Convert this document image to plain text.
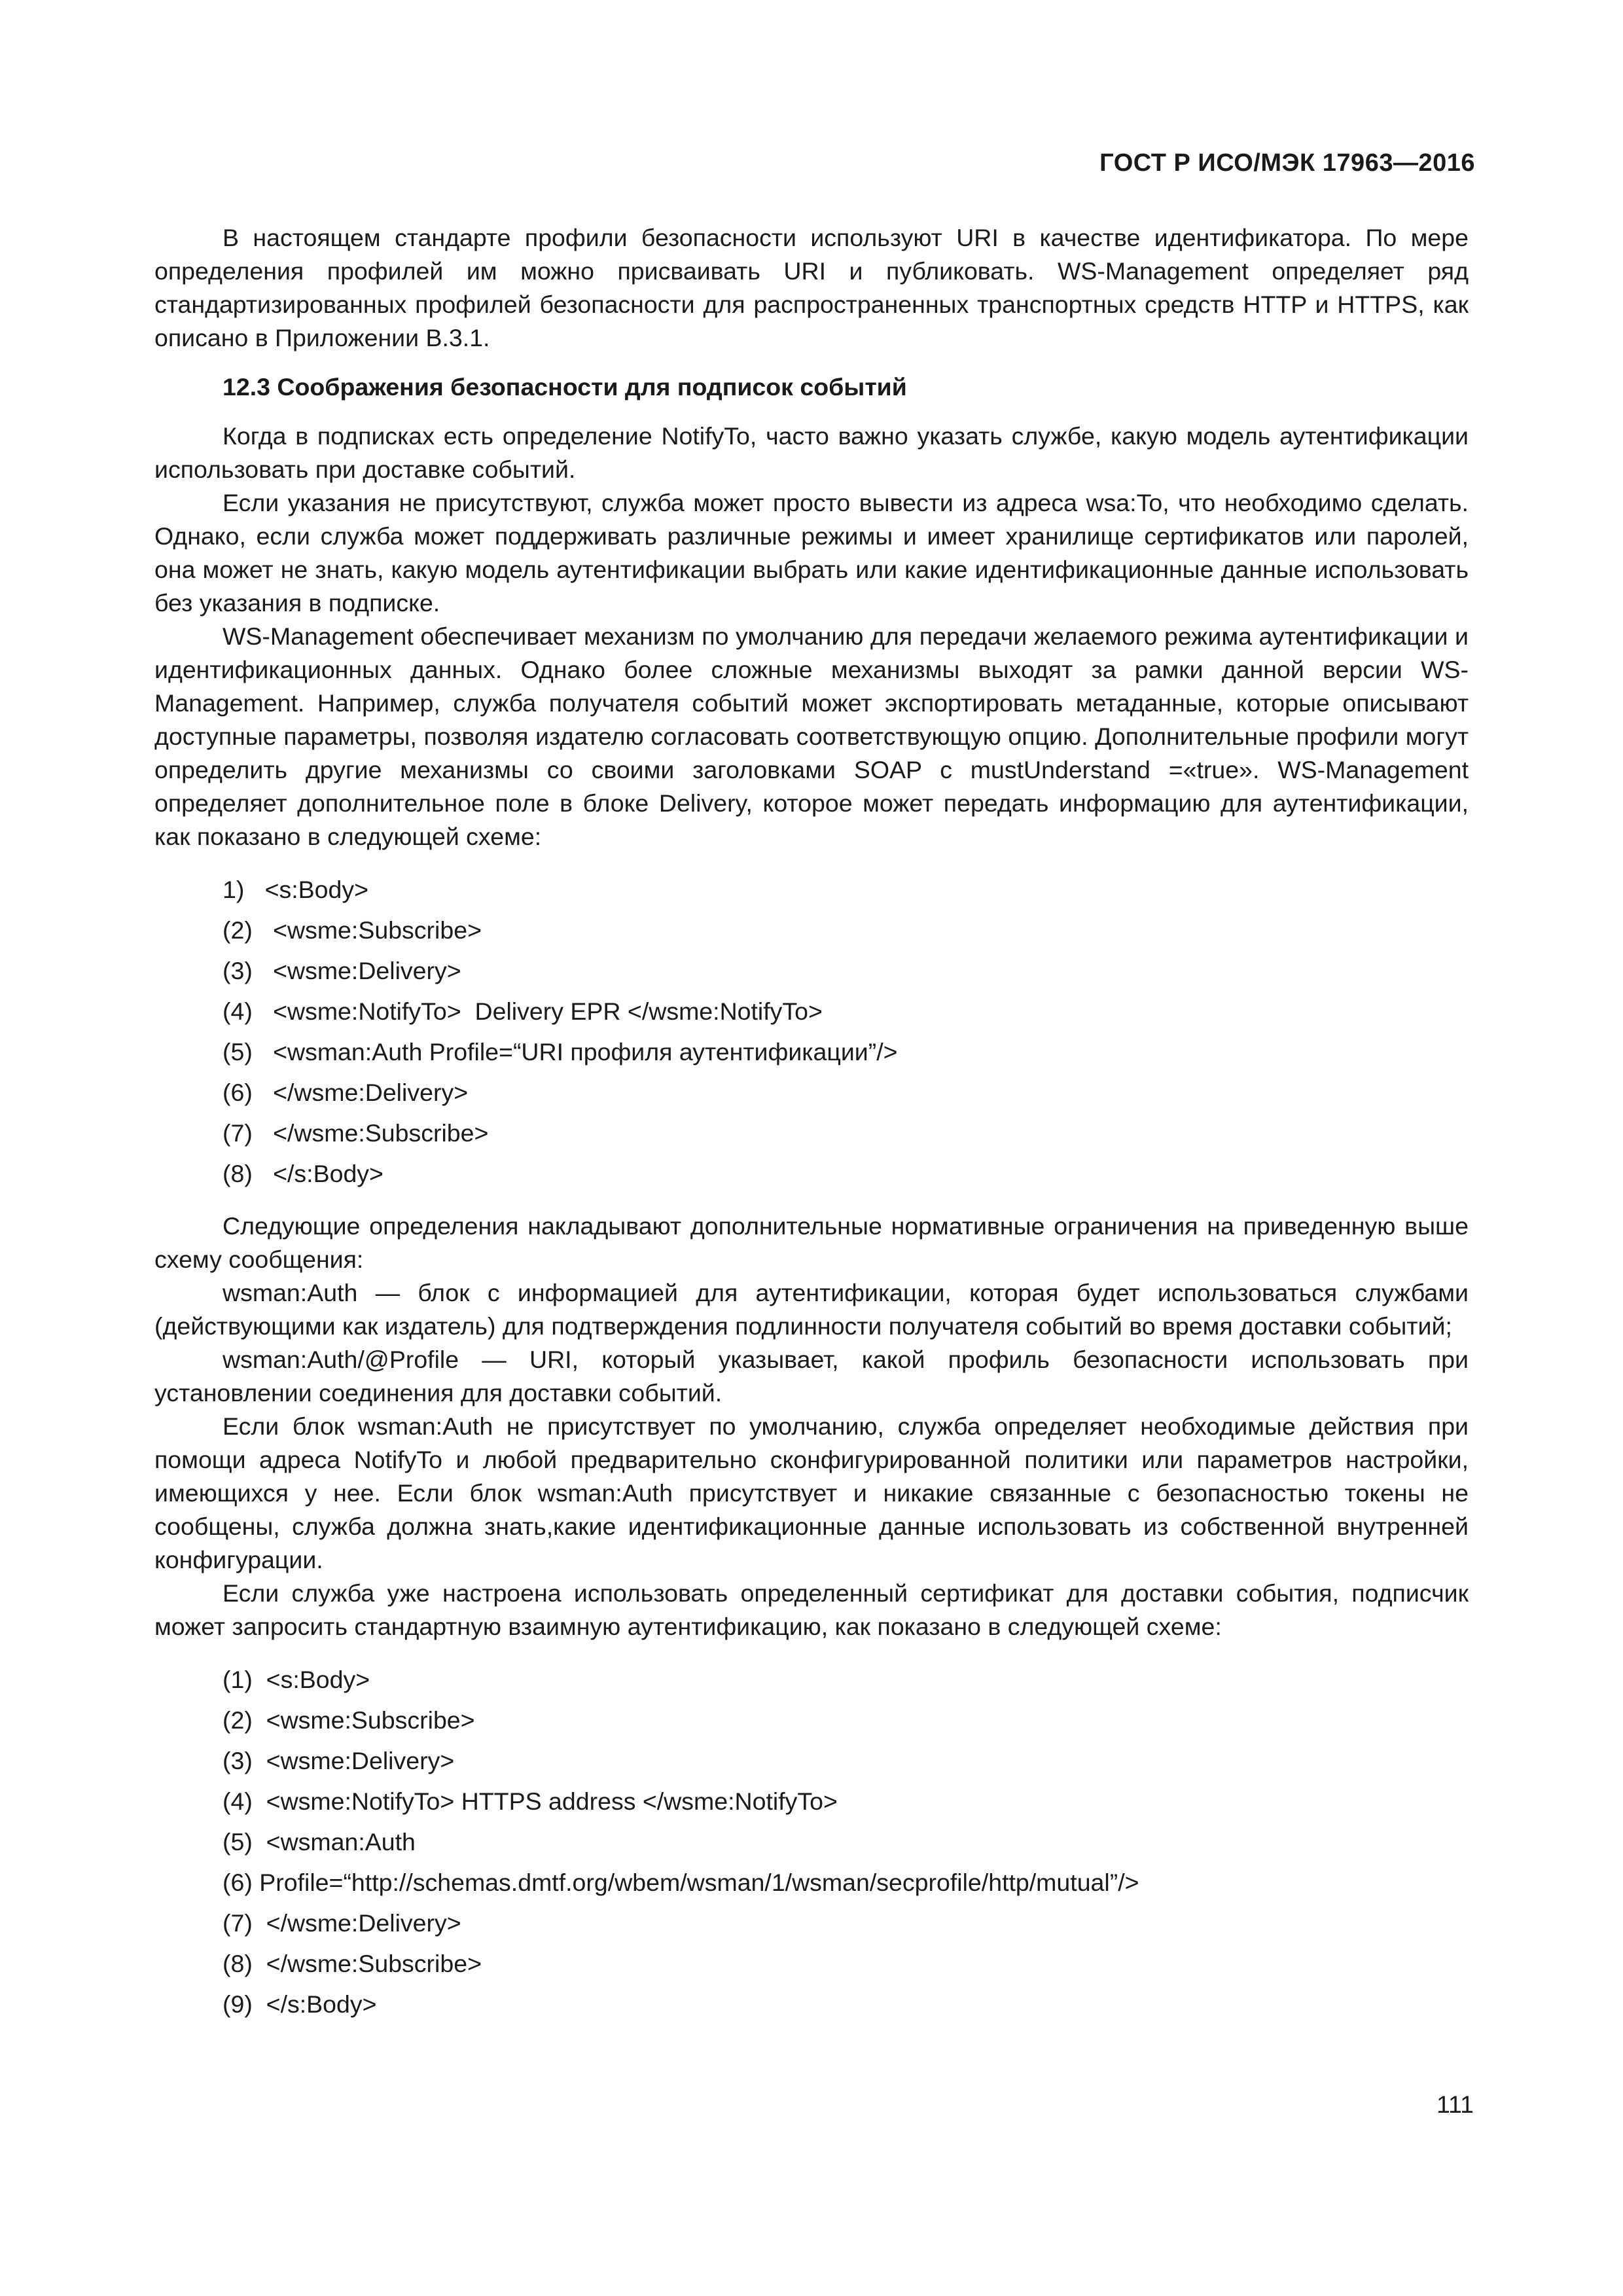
ГОСТ Р ИСО/МЭК 17963—2016

В настоящем стандарте профили безопасности используют URI в качестве идентификатора. По мере определения профилей им можно присваивать URI и публиковать. WS-Management определяет ряд стандартизированных профилей безопасности для распространенных транспортных средств HTTP и HTTPS, как описано в Приложении В.3.1.

12.3 Соображения безопасности для подписок событий

Когда в подписках есть определение NotifyTo, часто важно указать службе, какую модель аутентификации использовать при доставке событий.

Если указания не присутствуют, служба может просто вывести из адреса wsa:To, что необходимо сделать. Однако, если служба может поддерживать различные режимы и имеет хранилище сертификатов или паролей, она может не знать, какую модель аутентификации выбрать или какие идентификационные данные использовать без указания в подписке.

WS-Management обеспечивает механизм по умолчанию для передачи желаемого режима аутентификации и идентификационных данных. Однако более сложные механизмы выходят за рамки данной версии WS-Management. Например, служба получателя событий может экспортировать метаданные, которые описывают доступные параметры, позволяя издателю согласовать соответствующую опцию. Дополнительные профили могут определить другие механизмы со своими заголовками SOAP с mustUnderstand =«true». WS-Management определяет дополнительное поле в блоке Delivery, которое может передать информацию для аутентификации, как показано в следующей схеме:

1)   <s:Body>
(2)   <wsme:Subscribe>
(3)   <wsme:Delivery>
(4)   <wsme:NotifyTo>  Delivery EPR </wsme:NotifyTo>
(5)   <wsman:Auth Profile=“URI профиля аутентификации”/>
(6)   </wsme:Delivery>
(7)   </wsme:Subscribe>
(8)   </s:Body>

Следующие определения накладывают дополнительные нормативные ограничения на приведенную выше схему сообщения:

wsman:Auth — блок с информацией для аутентификации, которая будет использоваться службами (действующими как издатель) для подтверждения подлинности получателя событий во время доставки событий;

wsman:Auth/@Profile — URI, который указывает, какой профиль безопасности использовать при установлении соединения для доставки событий.

Если блок wsman:Auth не присутствует по умолчанию, служба определяет необходимые действия при помощи адреса NotifyTo и любой предварительно сконфигурированной политики или параметров настройки, имеющихся у нее. Если блок wsman:Auth присутствует и никакие связанные с безопасностью токены не сообщены, служба должна знать,какие идентификационные данные использовать из собственной внутренней конфигурации.

Если служба уже настроена использовать определенный сертификат для доставки события, подписчик может запросить стандартную взаимную аутентификацию, как показано в следующей схеме:

(1)  <s:Body>
(2)  <wsme:Subscribe>
(3)  <wsme:Delivery>
(4)  <wsme:NotifyTo> HTTPS address </wsme:NotifyTo>
(5)  <wsman:Auth
(6) Profile=“http://schemas.dmtf.org/wbem/wsman/1/wsman/secprofile/http/mutual”/>
(7)  </wsme:Delivery>
(8)  </wsme:Subscribe>
(9)  </s:Body>
111
